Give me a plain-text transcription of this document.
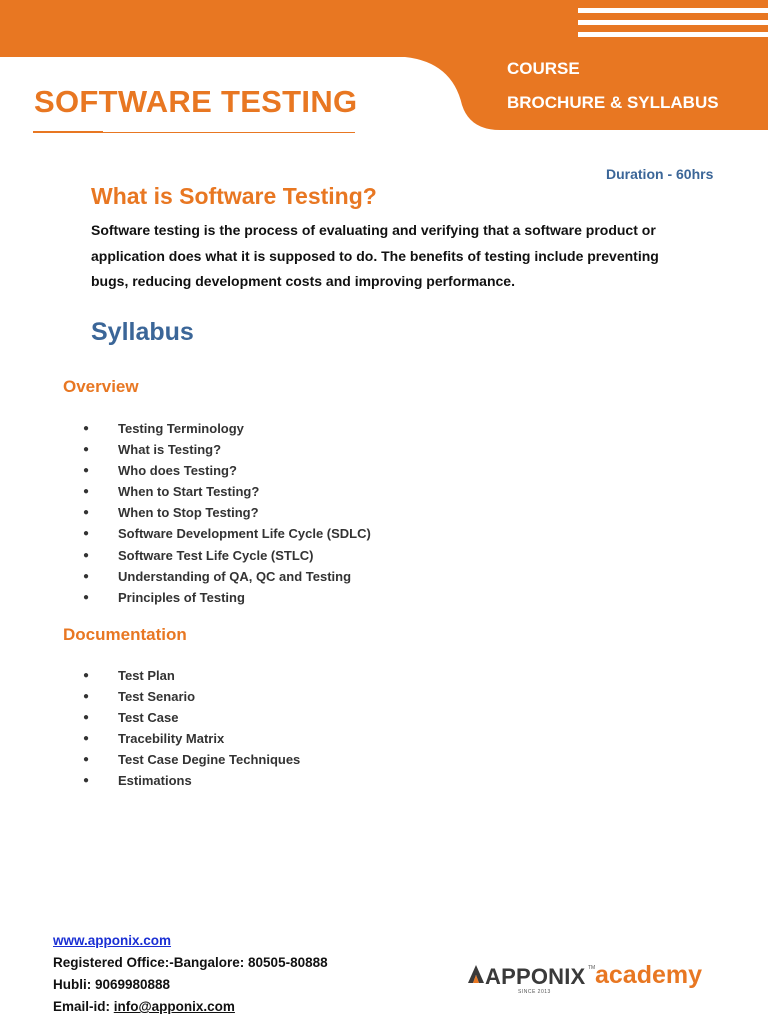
SOFTWARE TESTING
COURSE
BROCHURE & SYLLABUS
Duration - 60hrs
What is Software Testing?
Software testing is the process of evaluating and verifying that a software product or application does what it is supposed to do. The benefits of testing include preventing bugs, reducing development costs and improving performance.
Syllabus
Overview
● Testing Terminology
● What is Testing?
● Who does Testing?
● When to Start Testing?
● When to Stop Testing?
● Software Development Life Cycle (SDLC)
● Software Test Life Cycle (STLC)
● Understanding of QA, QC and Testing
● Principles of Testing
Documentation
● Test Plan
● Test Senario
● Test Case
● Tracebility Matrix
● Test Case Degine Techniques
● Estimations
www.apponix.com
Registered Office:-Bangalore: 80505-80888
Hubli: 9069980888
Email-id: info@apponix.com
APPONIX TM academy
SINCE 2013
